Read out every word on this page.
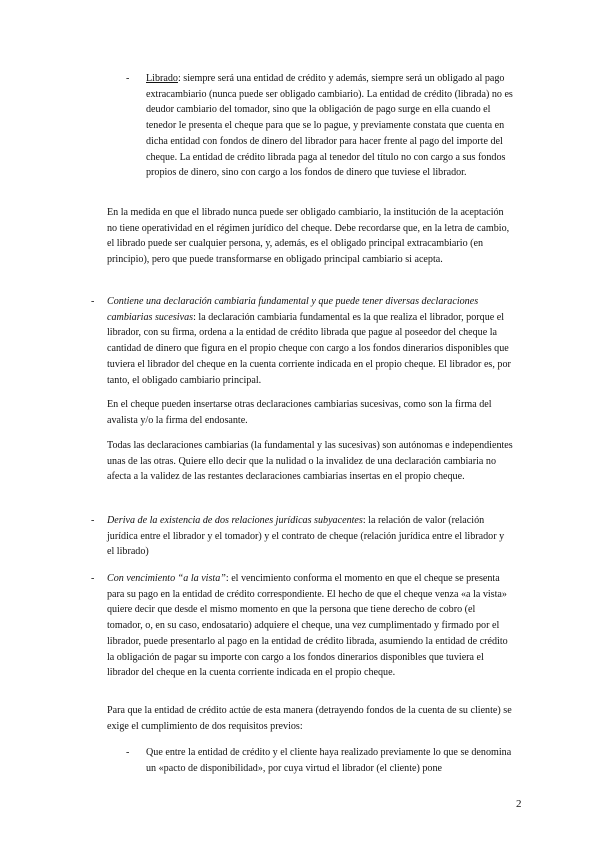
- Librado: siempre será una entidad de crédito y además, siempre será un obligado al pago extracambiario (nunca puede ser obligado cambiario). La entidad de crédito (librada) no es deudor cambiario del tomador, sino que la obligación de pago surge en ella cuando el tenedor le presenta el cheque para que se lo pague, y previamente constata que cuenta en dicha entidad con fondos de dinero del librador para hacer frente al pago del importe del cheque. La entidad de crédito librada paga al tenedor del título no con cargo a sus fondos propios de dinero, sino con cargo a los fondos de dinero que tuviese el librador.

En la medida en que el librado nunca puede ser obligado cambiario, la institución de la aceptación no tiene operatividad en el régimen jurídico del cheque. Debe recordarse que, en la letra de cambio, el librado puede ser cualquier persona, y, además, es el obligado principal extracambiario (en principio), pero que puede transformarse en obligado principal cambiario si acepta.

- Contiene una declaración cambiaria fundamental y que puede tener diversas declaraciones cambiarias sucesivas: la declaración cambiaria fundamental es la que realiza el librador, porque el librador, con su firma, ordena a la entidad de crédito librada que pague al poseedor del cheque la cantidad de dinero que figura en el propio cheque con cargo a los fondos dinerarios disponibles que tuviera el librador del cheque en la cuenta corriente indicada en el propio cheque. El librador es, por tanto, el obligado cambiario principal.

En el cheque pueden insertarse otras declaraciones cambiarias sucesivas, como son la firma del avalista y/o la firma del endosante.

Todas las declaraciones cambiarias (la fundamental y las sucesivas) son autónomas e independientes unas de las otras. Quiere ello decir que la nulidad o la invalidez de una declaración cambiaria no afecta a la validez de las restantes declaraciones cambiarias insertas en el propio cheque.

- Deriva de la existencia de dos relaciones jurídicas subyacentes: la relación de valor (relación jurídica entre el librador y el tomador) y el contrato de cheque (relación jurídica entre el librador y el librado)

- Con vencimiento “a la vista”: el vencimiento conforma el momento en que el cheque se presenta para su pago en la entidad de crédito correspondiente. El hecho de que el cheque venza «a la vista» quiere decir que desde el mismo momento en que la persona que tiene derecho de cobro (el tomador, o, en su caso, endosatario) adquiere el cheque, una vez cumplimentado y firmado por el librador, puede presentarlo al pago en la entidad de crédito librada, asumiendo la entidad de crédito la obligación de pagar su importe con cargo a los fondos dinerarios disponibles que tuviera el librador del cheque en la cuenta corriente indicada en el propio cheque.

Para que la entidad de crédito actúe de esta manera (detrayendo fondos de la cuenta de su cliente) se exige el cumplimiento de dos requisitos previos:

- Que entre la entidad de crédito y el cliente haya realizado previamente lo que se denomina un «pacto de disponibilidad», por cuya virtud el librador (el cliente) pone

2
